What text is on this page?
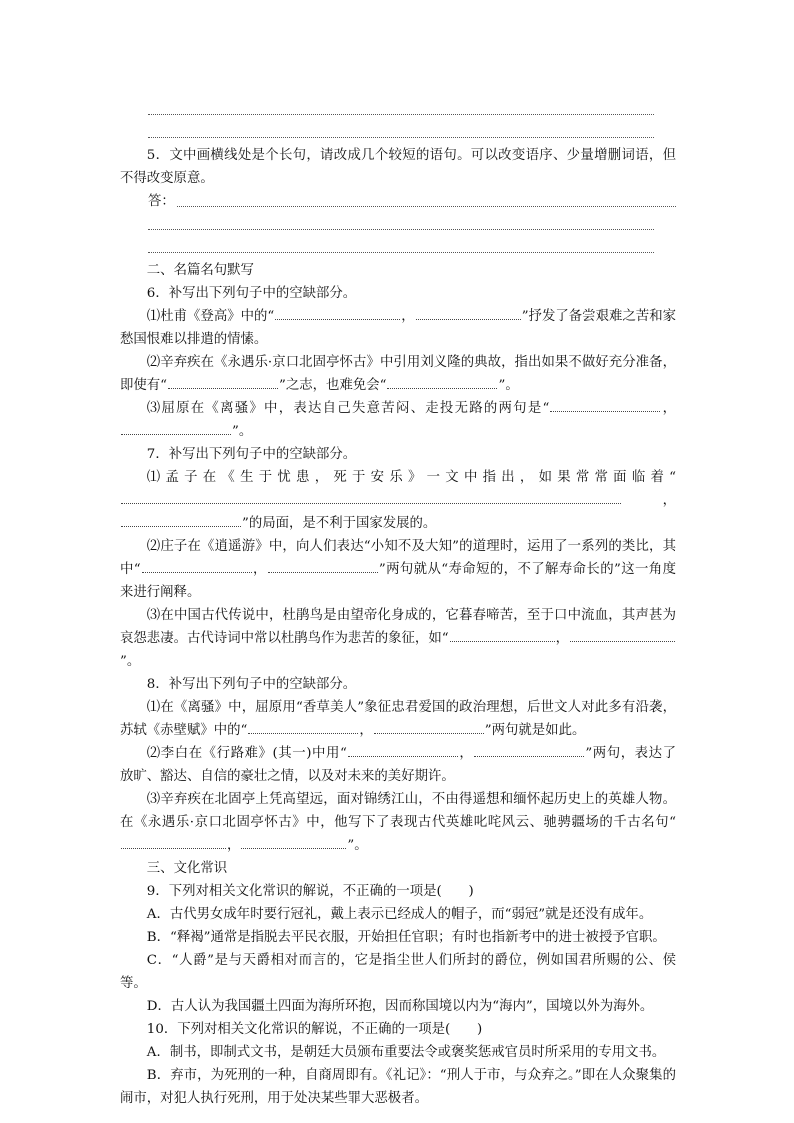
5．文中画横线处是个长句，请改成几个较短的语句。可以改变语序、少量增删词语，但不得改变原意。

答：

二、名篇名句默写

6．补写出下列句子中的空缺部分。

⑴杜甫《登高》中的“	，	”抒发了备尝艰难之苦和家愁国恨难以排遣的情愫。

⑵辛弃疾在《永遇乐·京口北固亭怀古》中引用刘义隆的典故，指出如果不做好充分准备，即使有“	”之志，也难免会“	”。

⑶屈原在《离骚》中，表达自己失意苦闷、走投无路的两句是“	，”。

7．补写出下列句子中的空缺部分。

⑴孟子在《生于忧患，死于安乐》一文中指出，如果常常面临着“，”的局面，是不利于国家发展的。

⑵庄子在《逍遥游》中，向人们表达“小知不及大知”的道理时，运用了一系列的类比，其中“	，	”两句就从“寿命短的，不了解寿命长的”这一角度来进行阐释。

⑶在中国古代传说中，杜鹃鸟是由望帝化身成的，它暮春啼苦，至于口中流血，其声甚为哀怨悲凄。古代诗词中常以杜鹃鸟作为悲苦的象征，如“	，”。

8．补写出下列句子中的空缺部分。

⑴在《离骚》中，屈原用“香草美人”象征忠君爱国的政治理想，后世文人对此多有沿袭，苏轼《赤壁赋》中的“	，	”两句就是如此。

⑵李白在《行路难》(其一)中用“	，	”两句，表达了放旷、豁达、自信的豪壮之情，以及对未来的美好期许。

⑶辛弃疾在北固亭上凭高望远，面对锦绣江山，不由得遥想和缅怀起历史上的英雄人物。在《永遇乐·京口北固亭怀古》中，他写下了表现古代英雄叱咤风云、驰骋疆场的千古名句“，	”。

三、文化常识

9．下列对相关文化常识的解说，不正确的一项是(　　)

A．古代男女成年时要行冠礼，戴上表示已经成人的帽子，而“弱冠”就是还没有成年。

B．“释褐”通常是指脱去平民衣服，开始担任官职；有时也指新考中的进士被授予官职。

C．“人爵”是与天爵相对而言的，它是指尘世人们所封的爵位，例如国君所赐的公、侯等。

D．古人认为我国疆土四面为海所环抱，因而称国境以内为“海内”，国境以外为海外。

10．下列对相关文化常识的解说，不正确的一项是(　　)

A．制书，即制式文书，是朝廷大员颁布重要法令或褒奖惩戒官员时所采用的专用文书。

B．弃市，为死刑的一种，自商周即有。《礼记》：“刑人于市，与众弃之。”即在人众聚集的闹市，对犯人执行死刑，用于处决某些罪大恶极者。
